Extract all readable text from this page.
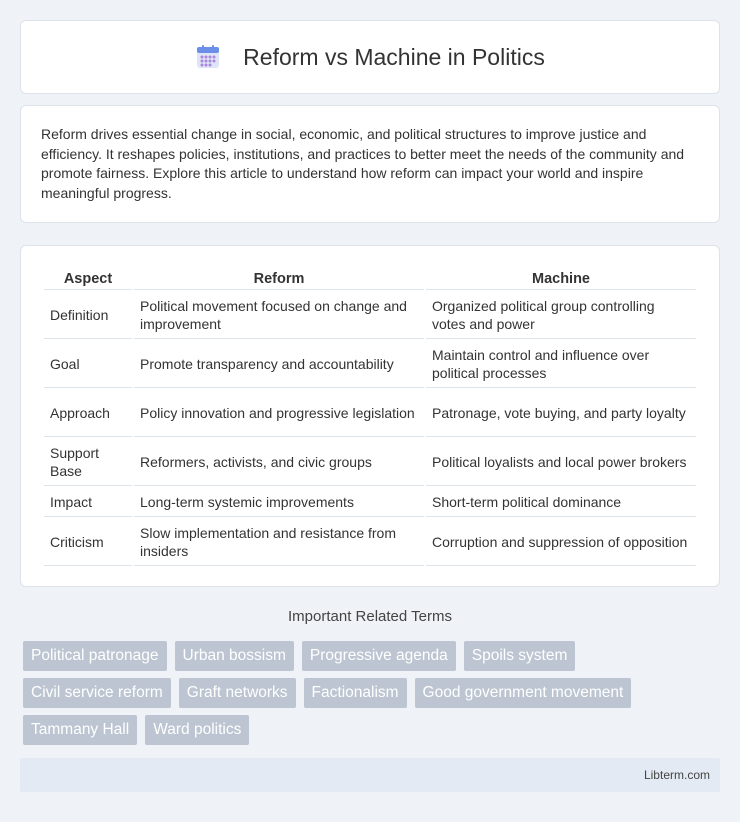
Reform vs Machine in Politics

Reform drives essential change in social, economic, and political structures to improve justice and efficiency. It reshapes policies, institutions, and practices to better meet the needs of the community and promote fairness. Explore this article to understand how reform can impact your world and inspire meaningful progress.

Aspect	Reform	Machine
Definition	Political movement focused on change and improvement	Organized political group controlling votes and power
Goal	Promote transparency and accountability	Maintain control and influence over political processes
Approach	Policy innovation and progressive legislation	Patronage, vote buying, and party loyalty
Support Base	Reformers, activists, and civic groups	Political loyalists and local power brokers
Impact	Long-term systemic improvements	Short-term political dominance
Criticism	Slow implementation and resistance from insiders	Corruption and suppression of opposition
Important Related Terms
Political patronage	Urban bossism	Progressive agenda	Spoils system
Civil service reform	Graft networks	Factionalism	Good government movement
Tammany Hall	Ward politics
Libterm.com
